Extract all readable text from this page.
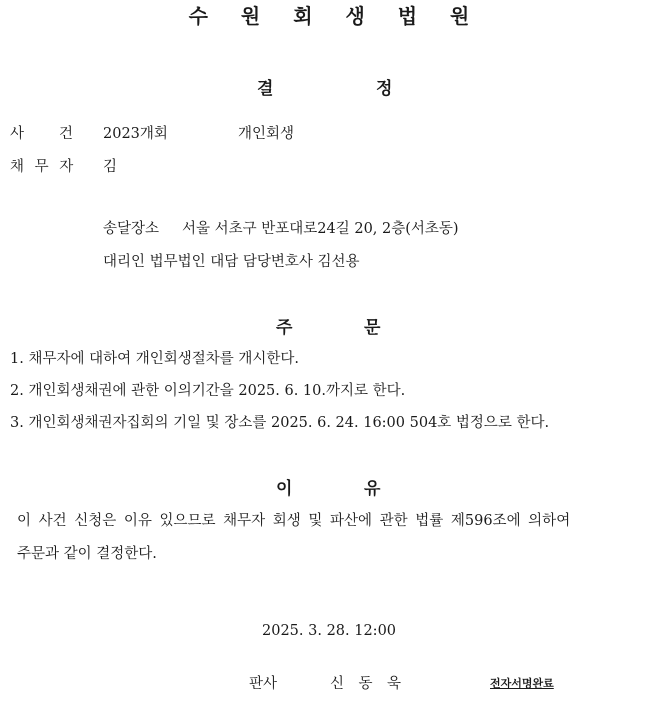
수 원 회 생 법 원
결	정
사　　건 2023개회	개인회생
채 무 자 김
송달장소 서울 서초구 반포대로24길 20, 2층(서초동)
대리인 법무법인 대담 담당변호사 김선용
주	문
1. 채무자에 대하여 개인회생절차를 개시한다.
2. 개인회생채권에 관한 이의기간을 2025. 6. 10.까지로 한다.
3. 개인회생채권자집회의 기일 및 장소를 2025. 6. 24. 16:00 504호 법정으로 한다.
이	유
이 사건 신청은 이유 있으므로 채무자 회생 및 파산에 관한 법률 제596조에 의하여
주문과 같이 결정한다.
2025. 3. 28. 12:00
판사	신　동　욱	전자서명완료
